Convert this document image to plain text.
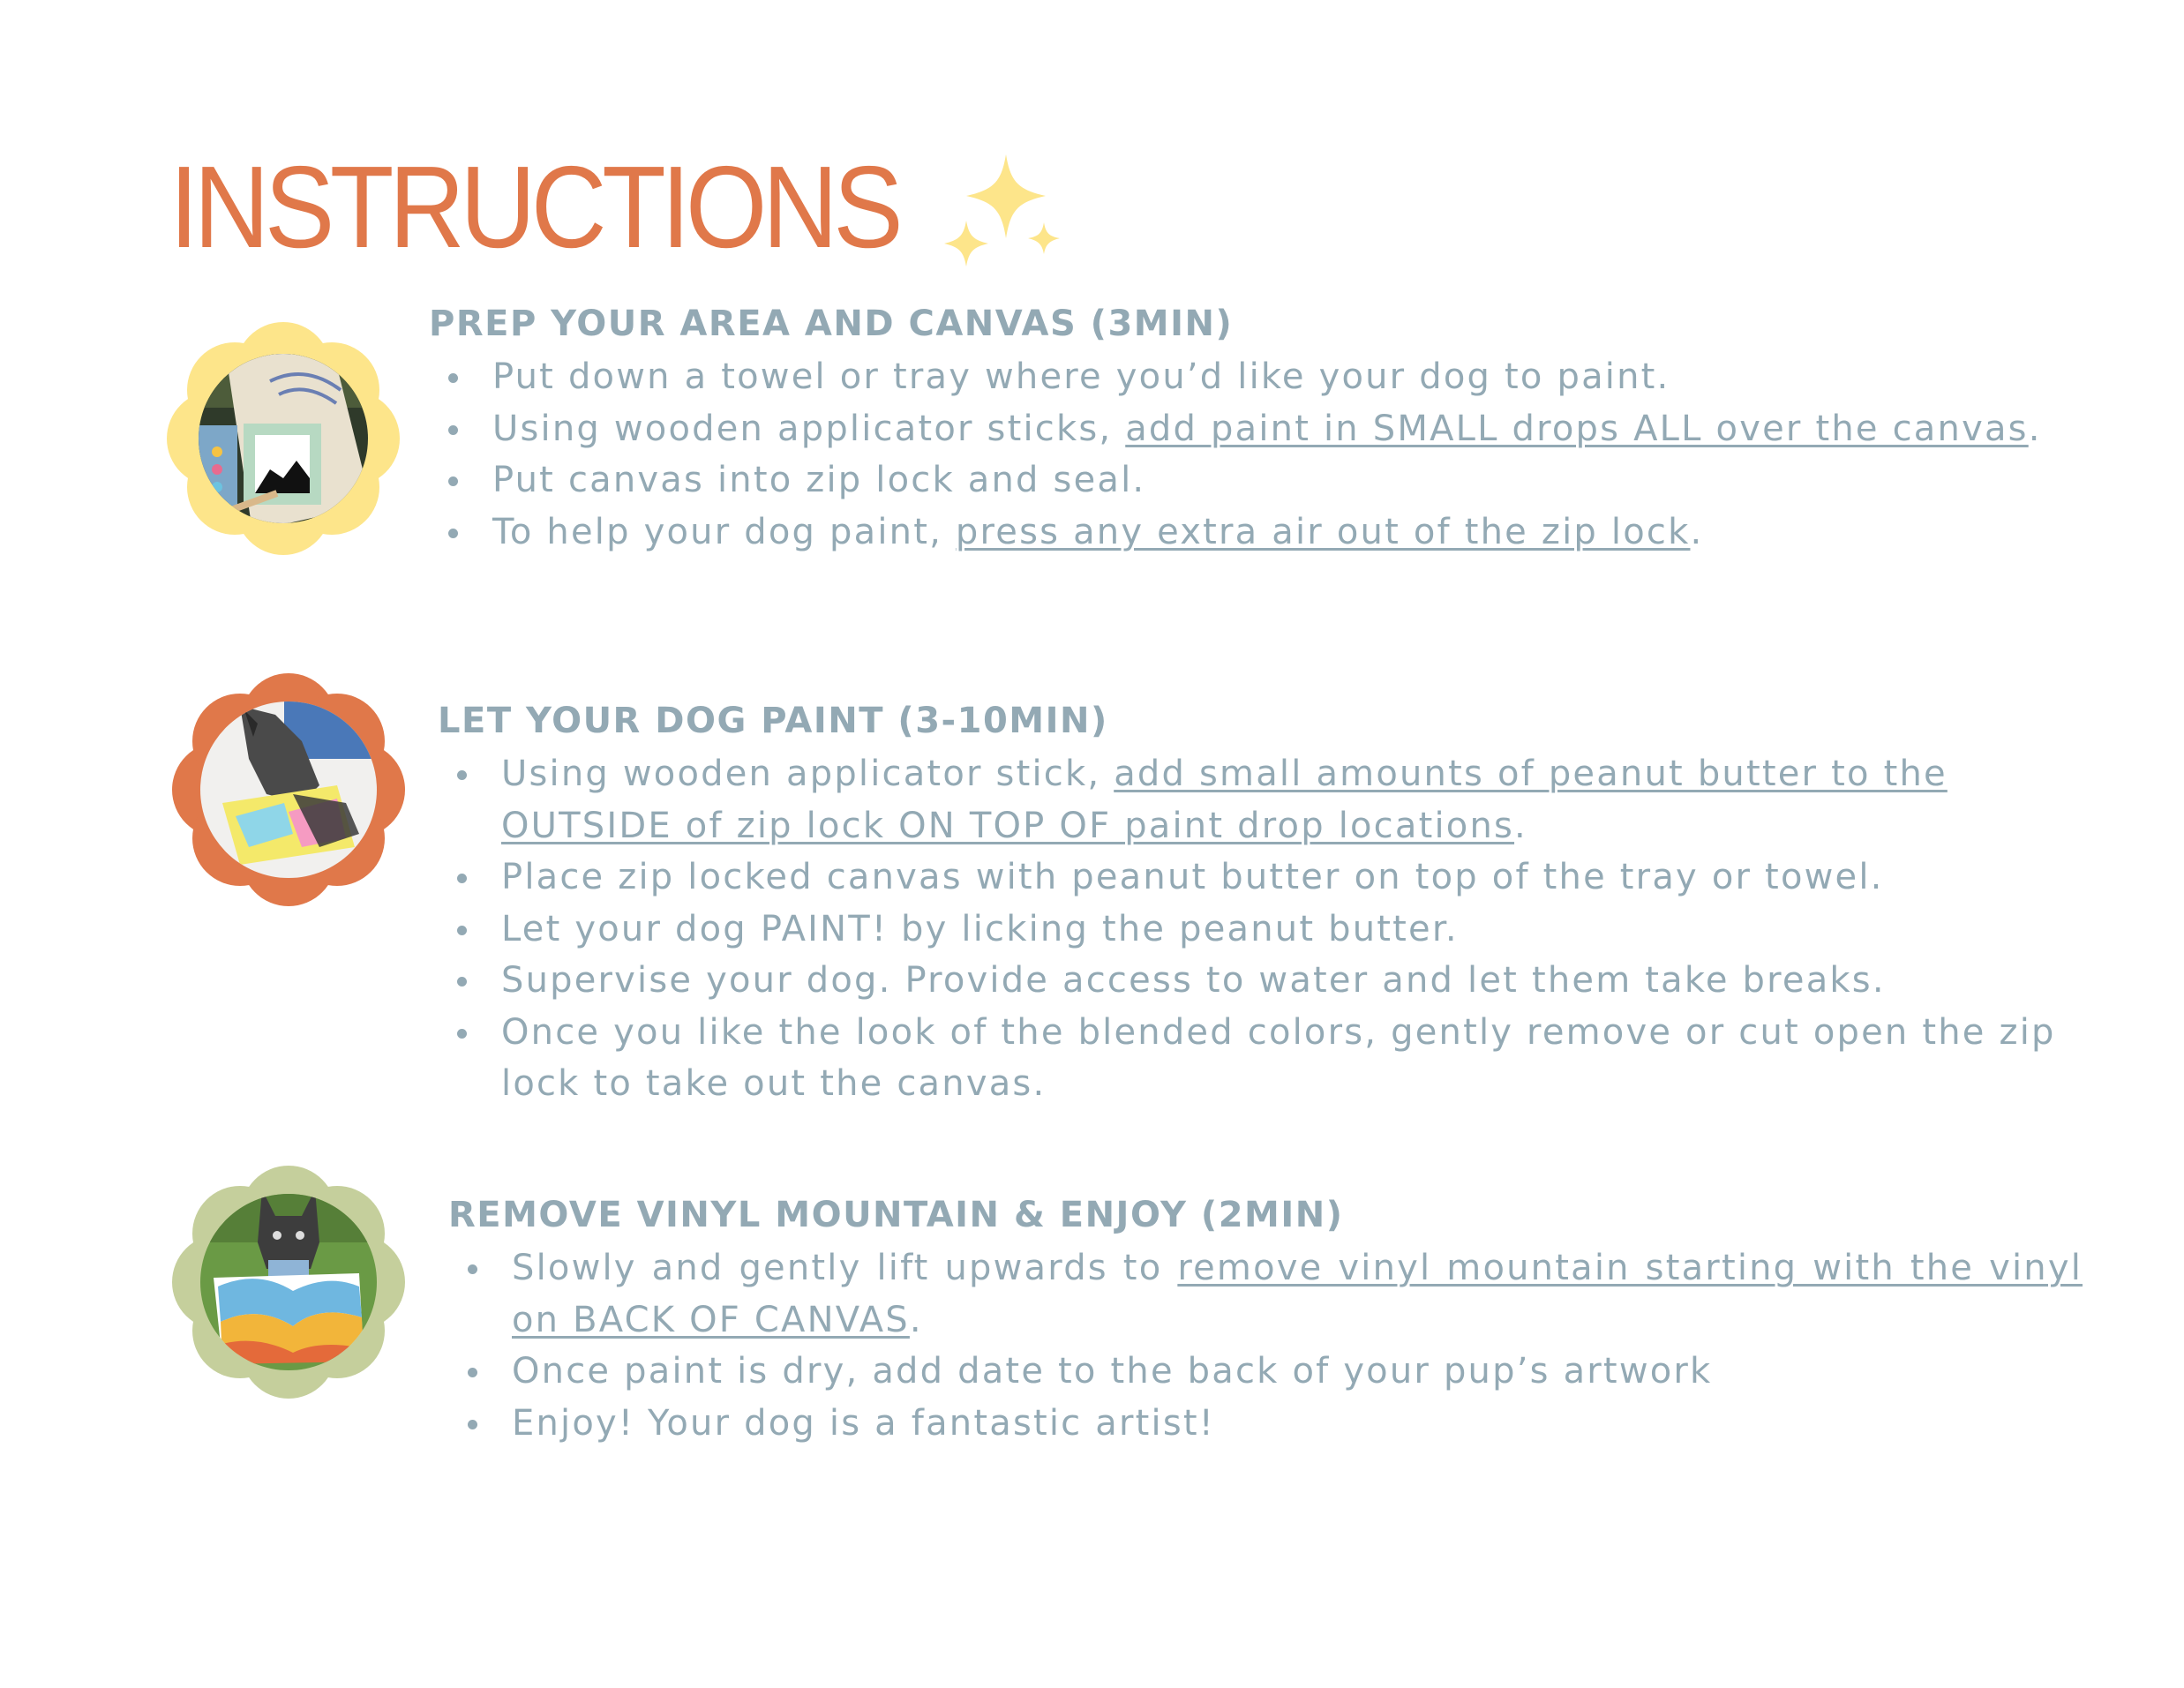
INSTRUCTIONS
PREP YOUR AREA AND CANVAS (3MIN)
Put down a towel or tray where you’d like your dog to paint.
Using wooden applicator sticks, add paint in SMALL drops ALL over the canvas.
Put canvas into zip lock and seal.
To help your dog paint, press any extra air out of the zip lock.
LET YOUR DOG PAINT (3-10MIN)
Using wooden applicator stick, add small amounts of peanut butter to the OUTSIDE of zip lock ON TOP OF paint drop locations.
Place zip locked canvas with peanut butter on top of the tray or towel.
Let your dog PAINT! by licking the peanut butter.
Supervise your dog. Provide access to water and let them take breaks.
Once you like the look of the blended colors, gently remove or cut open the zip lock to take out the canvas.
REMOVE VINYL MOUNTAIN & ENJOY (2MIN)
Slowly and gently lift upwards to remove vinyl mountain starting with the vinyl on BACK OF CANVAS.
Once paint is dry, add date to the back of your pup’s artwork
Enjoy! Your dog is a fantastic artist!
